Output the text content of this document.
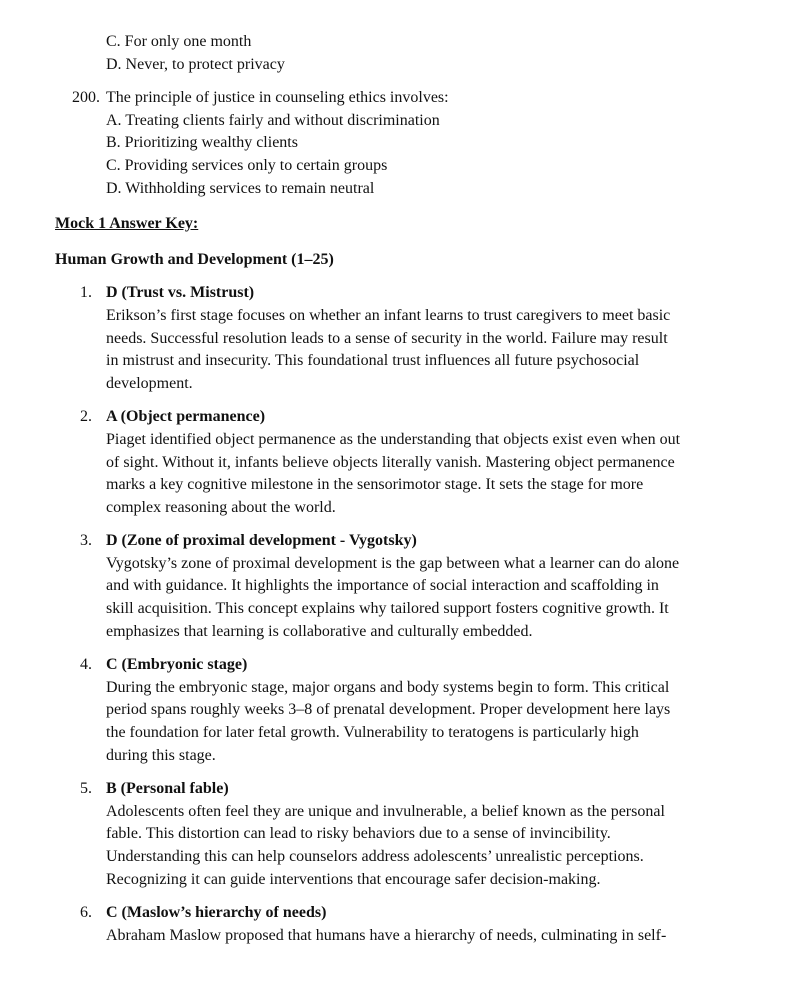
C. For only one month
D. Never, to protect privacy
200. The principle of justice in counseling ethics involves:
A. Treating clients fairly and without discrimination
B. Prioritizing wealthy clients
C. Providing services only to certain groups
D. Withholding services to remain neutral
Mock 1 Answer Key:
Human Growth and Development (1–25)
1. D (Trust vs. Mistrust)
Erikson’s first stage focuses on whether an infant learns to trust caregivers to meet basic
needs. Successful resolution leads to a sense of security in the world. Failure may result
in mistrust and insecurity. This foundational trust influences all future psychosocial
development.
2. A (Object permanence)
Piaget identified object permanence as the understanding that objects exist even when out
of sight. Without it, infants believe objects literally vanish. Mastering object permanence
marks a key cognitive milestone in the sensorimotor stage. It sets the stage for more
complex reasoning about the world.
3. D (Zone of proximal development - Vygotsky)
Vygotsky’s zone of proximal development is the gap between what a learner can do alone
and with guidance. It highlights the importance of social interaction and scaffolding in
skill acquisition. This concept explains why tailored support fosters cognitive growth. It
emphasizes that learning is collaborative and culturally embedded.
4. C (Embryonic stage)
During the embryonic stage, major organs and body systems begin to form. This critical
period spans roughly weeks 3–8 of prenatal development. Proper development here lays
the foundation for later fetal growth. Vulnerability to teratogens is particularly high
during this stage.
5. B (Personal fable)
Adolescents often feel they are unique and invulnerable, a belief known as the personal
fable. This distortion can lead to risky behaviors due to a sense of invincibility.
Understanding this can help counselors address adolescents’ unrealistic perceptions.
Recognizing it can guide interventions that encourage safer decision-making.
6. C (Maslow’s hierarchy of needs)
Abraham Maslow proposed that humans have a hierarchy of needs, culminating in self-
